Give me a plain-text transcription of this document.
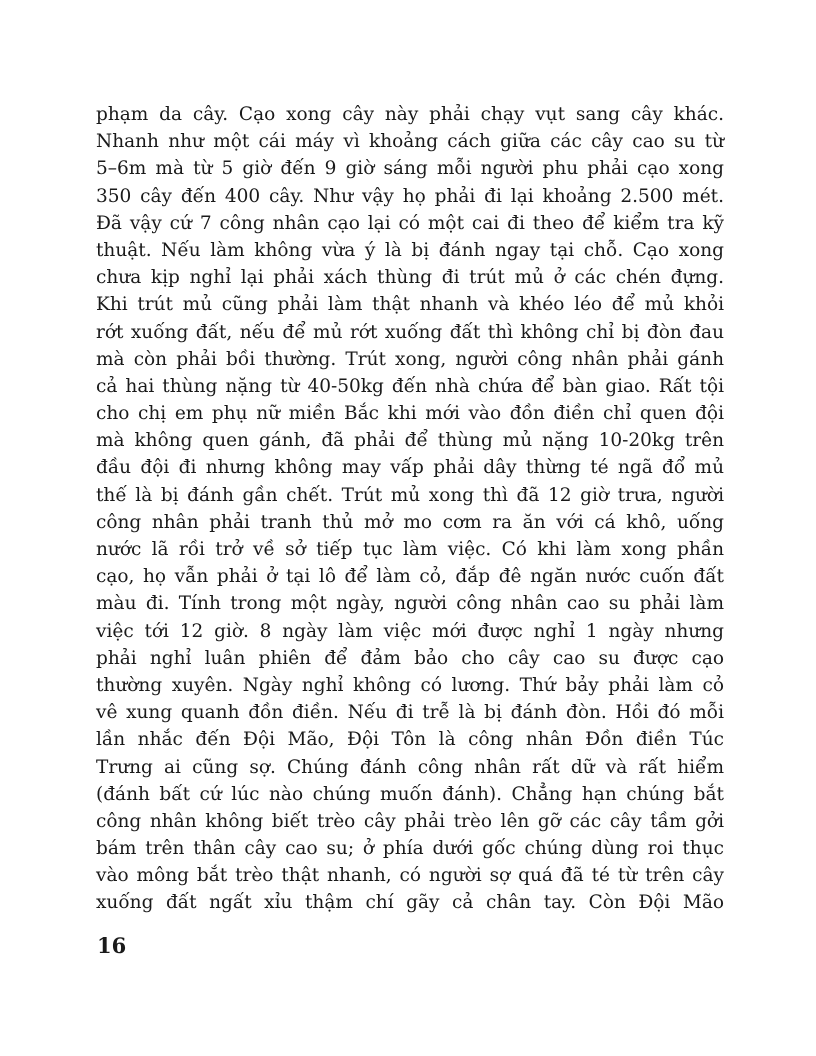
phạm da cây. Cạo xong cây này phải chạy vụt sang cây khác.
Nhanh như một cái máy vì khoảng cách giữa các cây cao su từ
5–6m mà từ 5 giờ đến 9 giờ sáng mỗi người phu phải cạo xong
350 cây đến 400 cây. Như vậy họ phải đi lại khoảng 2.500 mét.
Đã vậy cứ 7 công nhân cạo lại có một cai đi theo để kiểm tra kỹ
thuật. Nếu làm không vừa ý là bị đánh ngay tại chỗ. Cạo xong
chưa kịp nghỉ lại phải xách thùng đi trút mủ ở các chén đựng.
Khi trút mủ cũng phải làm thật nhanh và khéo léo để mủ khỏi
rớt xuống đất, nếu để mủ rớt xuống đất thì không chỉ bị đòn đau
mà còn phải bồi thường. Trút xong, người công nhân phải gánh
cả hai thùng nặng từ 40-50kg đến nhà chứa để bàn giao. Rất tội
cho chị em phụ nữ miền Bắc khi mới vào đồn điền chỉ quen đội
mà không quen gánh, đã phải để thùng mủ nặng 10-20kg trên
đầu đội đi nhưng không may vấp phải dây thừng té ngã đổ mủ
thế là bị đánh gần chết. Trút mủ xong thì đã 12 giờ trưa, người
công nhân phải tranh thủ mở mo cơm ra ăn với cá khô, uống
nước lã rồi trở về sở tiếp tục làm việc. Có khi làm xong phần
cạo, họ vẫn phải ở tại lô để làm cỏ, đắp đê ngăn nước cuốn đất
màu đi. Tính trong một ngày, người công nhân cao su phải làm
việc tới 12 giờ. 8 ngày làm việc mới được nghỉ 1 ngày nhưng
phải nghỉ luân phiên để đảm bảo cho cây cao su được cạo
thường xuyên. Ngày nghỉ không có lương. Thứ bảy phải làm cỏ
vê xung quanh đồn điền. Nếu đi trễ là bị đánh đòn. Hồi đó mỗi
lần nhắc đến Đội Mão, Đội Tôn là công nhân Đồn điền Túc
Trưng ai cũng sợ. Chúng đánh công nhân rất dữ và rất hiểm
(đánh bất cứ lúc nào chúng muốn đánh). Chẳng hạn chúng bắt
công nhân không biết trèo cây phải trèo lên gỡ các cây tầm gởi
bám trên thân cây cao su; ở phía dưới gốc chúng dùng roi thục
vào mông bắt trèo thật nhanh, có người sợ quá đã té từ trên cây
xuống đất ngất xỉu thậm chí gãy cả chân tay. Còn Đội Mão
16
